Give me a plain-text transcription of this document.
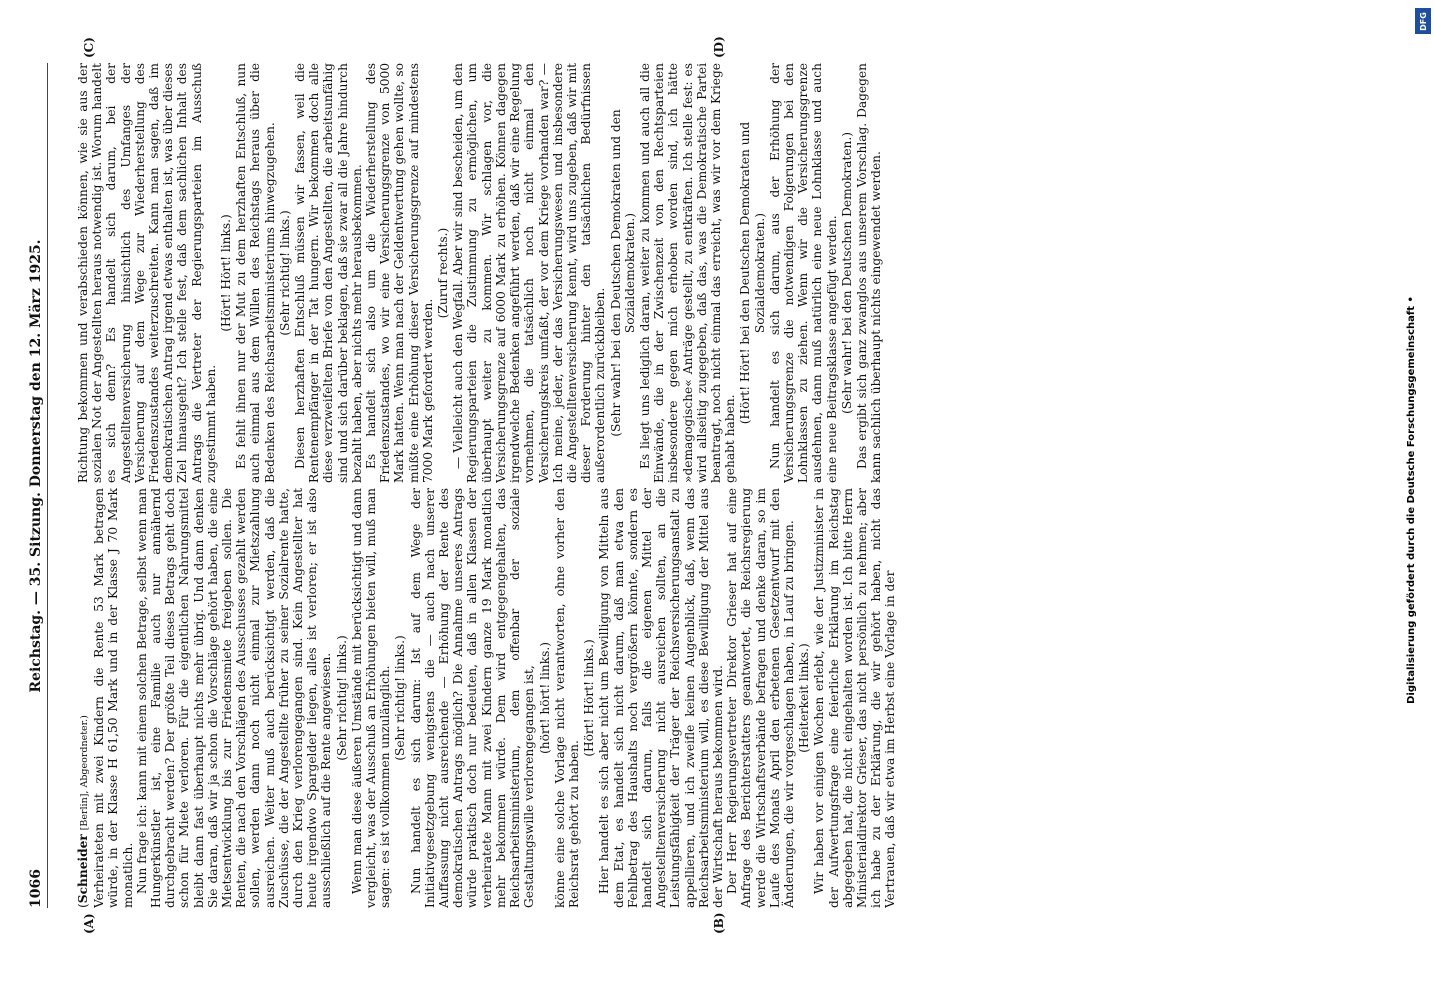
1066
Reichstag. — 35. Sitzung. Donnerstag den 12. März 1925.
(A)	(B)
(C)	(D)

(Schneider [Berlin], Abgeordneter.) Verheirateten mit zwei Kindern die Rente 53 Mark betragen würde, in der Klasse H 61,50 Mark und in der Klasse J 70 Mark monatlich. Nun frage ich: kann mit einem solchen Betrage, selbst wenn man Hungerkünstler ist, eine Familie auch nur annähernd durchgebracht werden? Der größte Teil dieses Betrags geht doch schon für Miete verloren. Für die eigentlichen Nahrungsmittel bleibt dann fast überhaupt nichts mehr übrig. Und dann denken Sie daran, daß wir ja schon die Vorschläge gehört haben, die eine Mietsentwicklung bis zur Friedensmiete freigeben sollen. Die Renten, die nach den Vorschlägen des Ausschusses gezahlt werden sollen, werden dann noch nicht einmal zur Mietszahlung ausreichen. Weiter muß auch berücksichtigt werden, daß die Zuschüsse, die der Angestellte früher zu seiner Sozialrente hatte, durch den Krieg verlorengegangen sind. Kein Angestellter hat heute irgendwo Spargelder liegen, alles ist verloren; er ist also ausschließlich auf die Rente angewiesen. (Sehr richtig! links.) Wenn man diese äußeren Umstände mit berücksichtigt und dann vergleicht, was der Ausschuß an Erhöhungen bieten will, muß man sagen: es ist vollkommen unzulänglich. (Sehr richtig! links.) Nun handelt es sich darum: Ist auf dem Wege der Initiativgesetzgebung wenigstens die — auch nach unserer Auffassung nicht ausreichende — Erhöhung der Rente des demokratischen Antrags möglich? Die Annahme unseres Antrags würde praktisch doch nur bedeuten, daß in allen Klassen der verheiratete Mann mit zwei Kindern ganze 19 Mark monatlich mehr bekommen würde. Dem wird entgegengehalten, das Reichsarbeitsministerium, dem offenbar der soziale Gestaltungswille verlorengegangen ist, (hört! hört! links.) könne eine solche Vorlage nicht verantworten, ohne vorher den Reichsrat gehört zu haben.

(Hört! Hört! links.) Hier handelt es sich aber nicht um Bewilligung von Mitteln aus dem Etat, es handelt sich nicht darum, daß man etwa den Fehlbetrag des Haushalts noch vergrößern könnte, sondern es handelt sich darum, falls die eigenen Mittel der Angestelltenversicherung nicht ausreichen sollten, an die Leistungsfähigkeit der Träger der Reichsversicherungsanstalt zu appellieren, und ich zweifle keinen Augenblick, daß, wenn das Reichsarbeitsministerium will, es diese Bewilligung der Mittel aus der Wirtschaft heraus bekommen wird. Der Herr Regierungsvertreter Direktor Grieser hat auf eine Anfrage des Berichterstatters geantwortet, die Reichsregierung werde die Wirtschaftsverbände befragen und denke daran, so im Laufe des Monats April den erbetenen Gesetzentwurf mit den Änderungen, die wir vorgeschlagen haben, in Lauf zu bringen. (Heiterkeit links.) Wir haben vor einigen Wochen erlebt, wie der Justizminister in der Aufwertungsfrage eine feierliche Erklärung im Reichstag abgegeben hat, die nicht eingehalten worden ist. Ich bitte Herrn Ministerialdirektor Grieser, das nicht persönlich zu nehmen; aber ich habe zu der Erklärung, die wir gehört haben, nicht das Vertrauen, daß wir etwa im Herbst eine Vorlage in der

Richtung bekommen und verabschieden können, wie sie aus der sozialen Not der Angestellten heraus notwendig ist. Worum handelt es sich denn? Es handelt sich darum, bei der Angestelltenversicherung hinsichtlich des Umfanges der Versicherung auf dem Wege zur Wiederherstellung des Friedenszustandes weiterzuschreiten. Kann man sagen, daß im demokratischen Antrag irgend etwas enthalten ist, was über dieses Ziel hinausgeht? Ich stelle fest, daß dem sachlichen Inhalt des Antrags die Vertreter der Regierungsparteien im Ausschuß zugestimmt haben.

(Hört! Hört! links.) Es fehlt ihnen nur der Mut zu dem herzhaften Entschluß, nun auch einmal aus dem Willen des Reichstags heraus über die Bedenken des Reichsarbeitsministeriums hinwegzugehen. (Sehr richtig! links.) Diesen herzhaften Entschluß müssen wir fassen, weil die Rentenempfänger in der Tat hungern. Wir bekommen doch alle diese verzweifelten Briefe von den Angestellten, die arbeitsunfähig sind und sich darüber beklagen, daß sie zwar all die Jahre hindurch bezahlt haben, aber nichts mehr herausbekommen. Es handelt sich also um die Wiederherstellung des Friedenszustandes, wo wir eine Versicherungsgrenze von 5000 Mark hatten. Wenn man nach der Geldentwertung gehen wollte, so müßte eine Erhöhung dieser Versicherungsgrenze auf mindestens 7000 Mark gefordert werden.

(Zuruf rechts.) — Vielleicht auch den Wegfall. Aber wir sind bescheiden, um den Regierungsparteien die Zustimmung zu ermöglichen, um überhaupt weiter zu kommen. Wir schlagen vor, die Versicherungsgrenze auf 6000 Mark zu erhöhen. Können dagegen irgendwelche Bedenken angeführt werden, daß wir eine Regelung vornehmen, die tatsächlich noch nicht einmal den Versicherungskreis umfaßt, der vor dem Kriege vorhanden war? — Ich meine, jeder, der das Versicherungswesen und insbesondere die Angestelltenversicherung kennt, wird uns zugeben, daß wir mit dieser Forderung hinter den tatsächlichen Bedürfnissen außerordentlich zurückbleiben. (Sehr wahr! bei den Deutschen Demokraten und den Sozialdemokraten.) Es liegt uns lediglich daran, weiter zu kommen und auch all die Einwände, die in der Zwischenzeit von den Rechtsparteien insbesondere gegen mich erhoben worden sind, ich hätte »demagogische« Anträge gestellt, zu entkräften. Ich stelle fest: es wird allseitig zugegeben, daß das, was die Demokratische Partei beantragt, noch nicht einmal das erreicht, was wir vor dem Kriege gehabt haben.

(Hört! Hört! bei den Deutschen Demokraten und Sozialdemokraten.) Nun handelt es sich darum, aus der Erhöhung der Versicherungsgrenze die notwendigen Folgerungen bei den Lohnklassen zu ziehen. Wenn wir die Versicherungsgrenze ausdehnen, dann muß natürlich eine neue Lohnklasse und auch eine neue Beitragsklasse angefügt werden. (Sehr wahr! bei den Deutschen Demokraten.) Das ergibt sich ganz zwanglos aus unserem Vorschlag. Dagegen kann sachlich überhaupt nichts eingewendet werden.	Digitalisierung gefördert durch die Deutsche Forschungsgemeinschaft •
DFG
